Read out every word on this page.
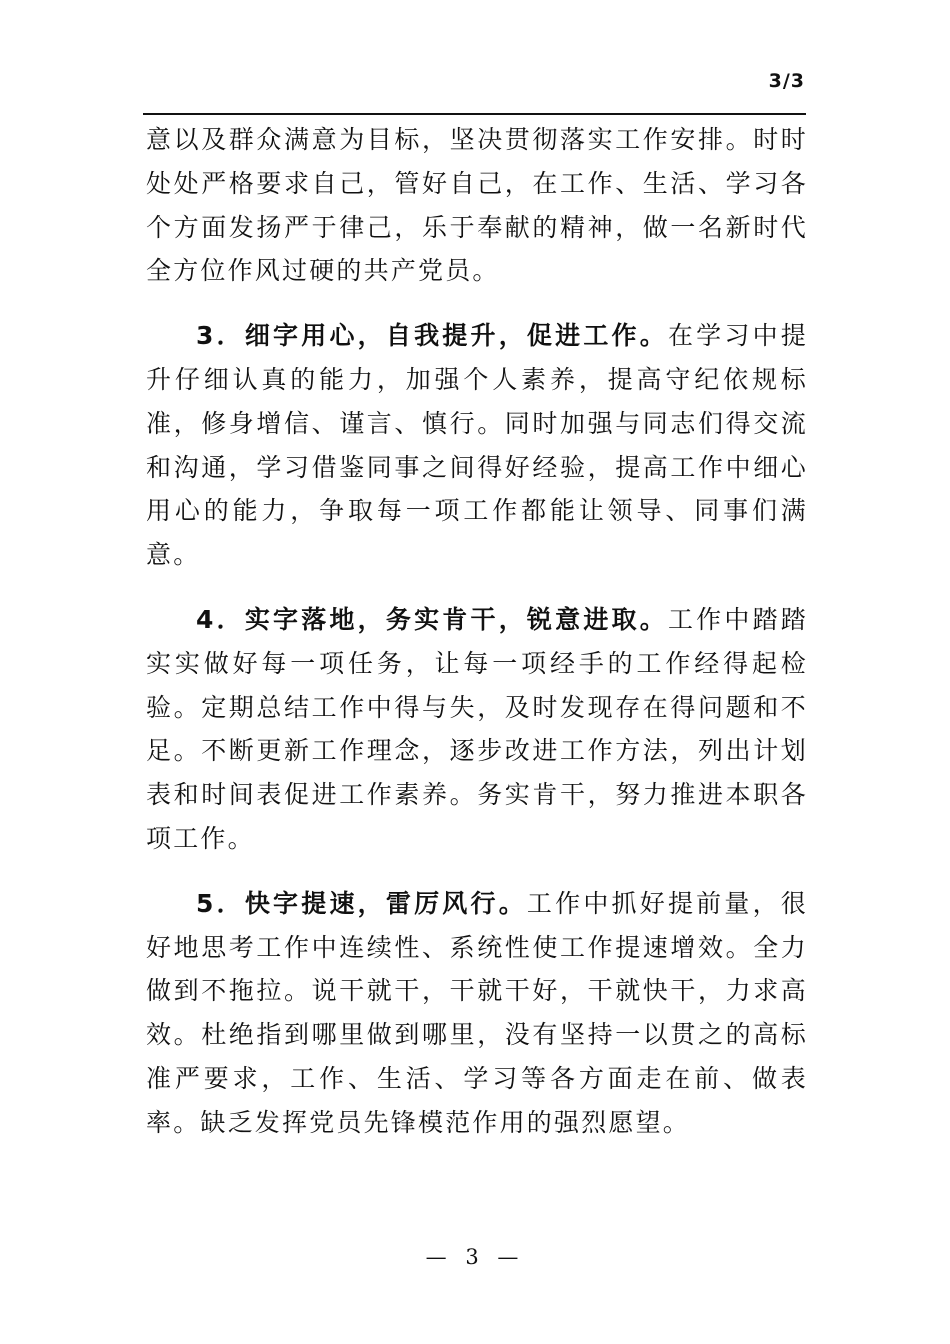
3/3

意以及群众满意为目标，坚决贯彻落实工作安排。时时处处严格要求自己，管好自己，在工作、生活、学习各个方面发扬严于律己，乐于奉献的精神，做一名新时代全方位作风过硬的共产党员。

3．细字用心，自我提升，促进工作。在学习中提升仔细认真的能力，加强个人素养，提高守纪依规标准，修身增信、谨言、慎行。同时加强与同志们得交流和沟通，学习借鉴同事之间得好经验，提高工作中细心用心的能力，争取每一项工作都能让领导、同事们满意。

4．实字落地，务实肯干，锐意进取。工作中踏踏实实做好每一项任务，让每一项经手的工作经得起检验。定期总结工作中得与失，及时发现存在得问题和不足。不断更新工作理念，逐步改进工作方法，列出计划表和时间表促进工作素养。务实肯干，努力推进本职各项工作。

5．快字提速，雷厉风行。工作中抓好提前量，很好地思考工作中连续性、系统性使工作提速增效。全力做到不拖拉。说干就干，干就干好，干就快干，力求高效。杜绝指到哪里做到哪里，没有坚持一以贯之的高标准严要求，工作、生活、学习等各方面走在前、做表率。缺乏发挥党员先锋模范作用的强烈愿望。

— 3 —
